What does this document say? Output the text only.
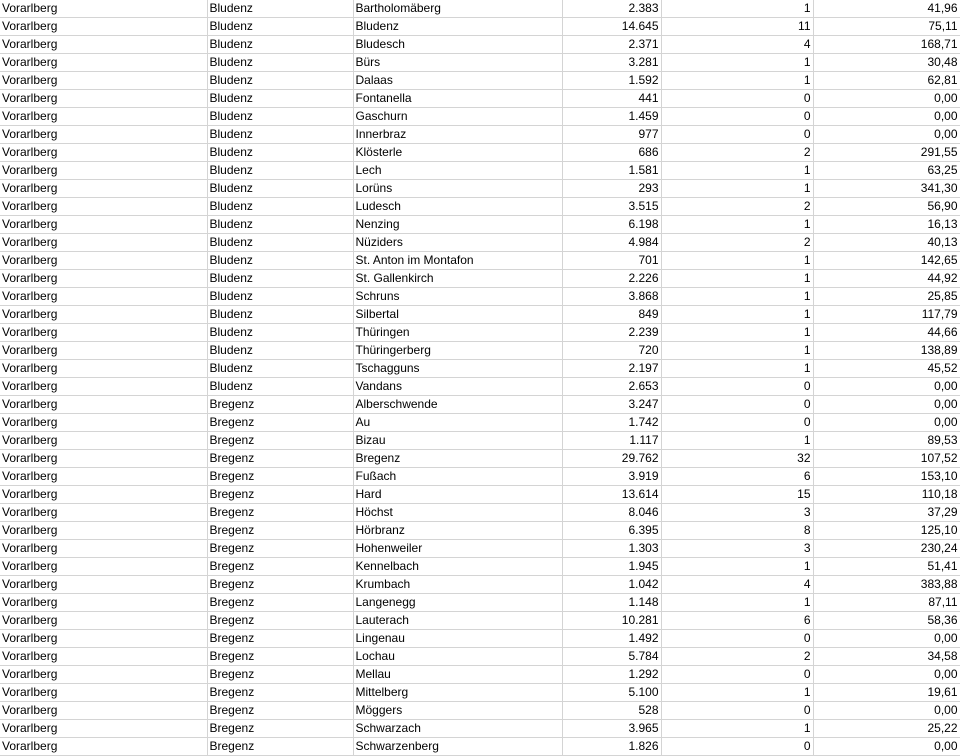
Vorarlberg	Bludenz	Bartholomäberg	2.383	1	41,96
Vorarlberg	Bludenz	Bludenz	14.645	11	75,11
Vorarlberg	Bludenz	Bludesch	2.371	4	168,71
Vorarlberg	Bludenz	Bürs	3.281	1	30,48
Vorarlberg	Bludenz	Dalaas	1.592	1	62,81
Vorarlberg	Bludenz	Fontanella	441	0	0,00
Vorarlberg	Bludenz	Gaschurn	1.459	0	0,00
Vorarlberg	Bludenz	Innerbraz	977	0	0,00
Vorarlberg	Bludenz	Klösterle	686	2	291,55
Vorarlberg	Bludenz	Lech	1.581	1	63,25
Vorarlberg	Bludenz	Lorüns	293	1	341,30
Vorarlberg	Bludenz	Ludesch	3.515	2	56,90
Vorarlberg	Bludenz	Nenzing	6.198	1	16,13
Vorarlberg	Bludenz	Nüziders	4.984	2	40,13
Vorarlberg	Bludenz	St. Anton im Montafon	701	1	142,65
Vorarlberg	Bludenz	St. Gallenkirch	2.226	1	44,92
Vorarlberg	Bludenz	Schruns	3.868	1	25,85
Vorarlberg	Bludenz	Silbertal	849	1	117,79
Vorarlberg	Bludenz	Thüringen	2.239	1	44,66
Vorarlberg	Bludenz	Thüringerberg	720	1	138,89
Vorarlberg	Bludenz	Tschagguns	2.197	1	45,52
Vorarlberg	Bludenz	Vandans	2.653	0	0,00
Vorarlberg	Bregenz	Alberschwende	3.247	0	0,00
Vorarlberg	Bregenz	Au	1.742	0	0,00
Vorarlberg	Bregenz	Bizau	1.117	1	89,53
Vorarlberg	Bregenz	Bregenz	29.762	32	107,52
Vorarlberg	Bregenz	Fußach	3.919	6	153,10
Vorarlberg	Bregenz	Hard	13.614	15	110,18
Vorarlberg	Bregenz	Höchst	8.046	3	37,29
Vorarlberg	Bregenz	Hörbranz	6.395	8	125,10
Vorarlberg	Bregenz	Hohenweiler	1.303	3	230,24
Vorarlberg	Bregenz	Kennelbach	1.945	1	51,41
Vorarlberg	Bregenz	Krumbach	1.042	4	383,88
Vorarlberg	Bregenz	Langenegg	1.148	1	87,11
Vorarlberg	Bregenz	Lauterach	10.281	6	58,36
Vorarlberg	Bregenz	Lingenau	1.492	0	0,00
Vorarlberg	Bregenz	Lochau	5.784	2	34,58
Vorarlberg	Bregenz	Mellau	1.292	0	0,00
Vorarlberg	Bregenz	Mittelberg	5.100	1	19,61
Vorarlberg	Bregenz	Möggers	528	0	0,00
Vorarlberg	Bregenz	Schwarzach	3.965	1	25,22
Vorarlberg	Bregenz	Schwarzenberg	1.826	0	0,00
